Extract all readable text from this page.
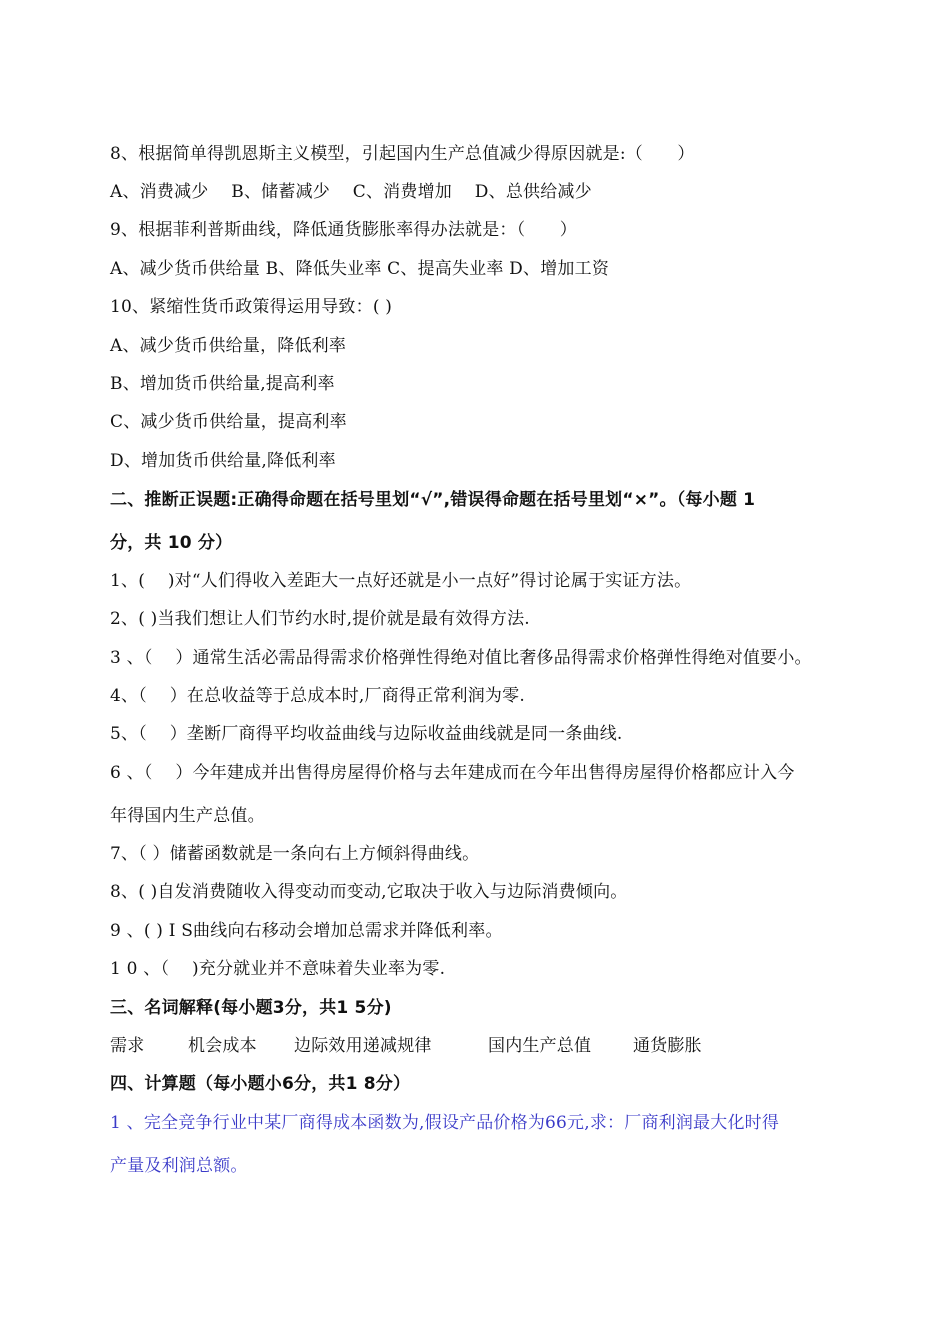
8、根据简单得凯恩斯主义模型，引起国内生产总值减少得原因就是:（　　）
A、消费减少　 B、储蓄减少　 C、消费增加　 D、总供给减少
9、根据菲利普斯曲线，降低通货膨胀率得办法就是：（　　）
A、减少货币供给量 B、降低失业率 C、提高失业率 D、增加工资
10、紧缩性货币政策得运用导致：( )
A、减少货币供给量，降低利率
B、增加货币供给量,提高利率
C、减少货币供给量，提高利率
D、增加货币供给量,降低利率
二、推断正误题:正确得命题在括号里划“√”,错误得命题在括号里划“×”。（每小题 1
分，共 10 分）
1、(　 )对“人们得收入差距大一点好还就是小一点好”得讨论属于实证方法。
2、( )当我们想让人们节约水时,提价就是最有效得方法.
3 、（　 ）通常生活必需品得需求价格弹性得绝对值比奢侈品得需求价格弹性得绝对值要小。
4、（　 ）在总收益等于总成本时,厂商得正常利润为零.
5、（　 ）垄断厂商得平均收益曲线与边际收益曲线就是同一条曲线.
6 、（　 ）今年建成并出售得房屋得价格与去年建成而在今年出售得房屋得价格都应计入今
年得国内生产总值。
7、（ ）储蓄函数就是一条向右上方倾斜得曲线。
8、( )自发消费随收入得变动而变动,它取决于收入与边际消费倾向。
9 、( ) I S曲线向右移动会增加总需求并降低利率。
1 0 、（　 )充分就业并不意味着失业率为零.
三、名词解释(每小题3分，共1 5分)
需求	机会成本 边际效用递减规律	国内生产总值 通货膨胀
四、计算题（每小题小6分，共1 8分）
1 、完全竞争行业中某厂商得成本函数为,假设产品价格为66元,求：厂商利润最大化时得
产量及利润总额。
